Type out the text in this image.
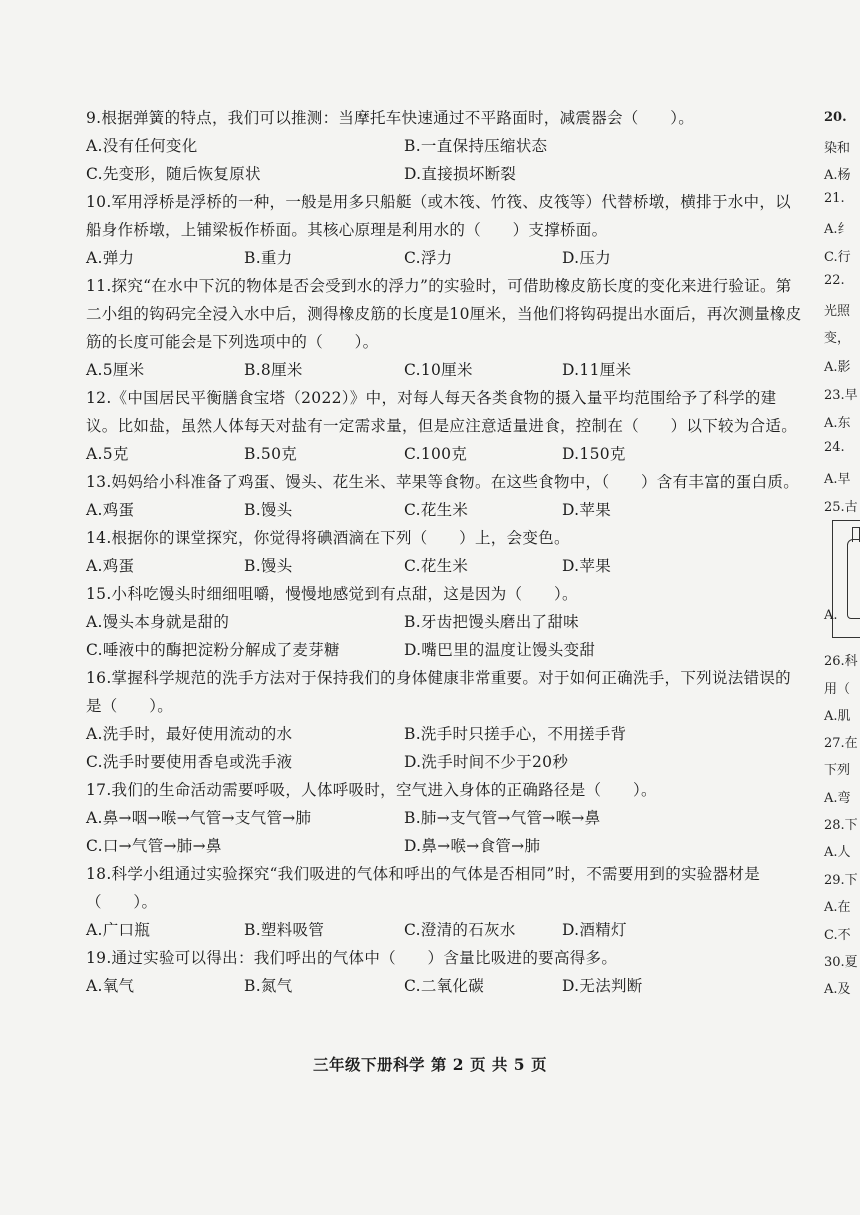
9.根据弹簧的特点，我们可以推测：当摩托车快速通过不平路面时，减震器会（　　）。

A.没有任何变化	B.一直保持压缩状态
C.先变形，随后恢复原状	D.直接损坏断裂

10.军用浮桥是浮桥的一种，一般是用多只船艇（或木筏、竹筏、皮筏等）代替桥墩，横排于水中，以船身作桥墩，上铺梁板作桥面。其核心原理是利用水的（　　）支撑桥面。

A.弹力	B.重力	C.浮力	D.压力

11.探究“在水中下沉的物体是否会受到水的浮力”的实验时，可借助橡皮筋长度的变化来进行验证。第二小组的钩码完全浸入水中后，测得橡皮筋的长度是10厘米，当他们将钩码提出水面后，再次测量橡皮筋的长度可能会是下列选项中的（　　）。

A.5厘米	B.8厘米	C.10厘米	D.11厘米

12.《中国居民平衡膳食宝塔（2022）》中，对每人每天各类食物的摄入量平均范围给予了科学的建议。比如盐，虽然人体每天对盐有一定需求量，但是应注意适量进食，控制在（　　）以下较为合适。

A.5克	B.50克	C.100克	D.150克

13.妈妈给小科准备了鸡蛋、馒头、花生米、苹果等食物。在这些食物中，（　　）含有丰富的蛋白质。

A.鸡蛋	B.馒头	C.花生米	D.苹果

14.根据你的课堂探究，你觉得将碘酒滴在下列（　　）上，会变色。

A.鸡蛋	B.馒头	C.花生米	D.苹果

15.小科吃馒头时细细咀嚼，慢慢地感觉到有点甜，这是因为（　　）。

A.馒头本身就是甜的	B.牙齿把馒头磨出了甜味
C.唾液中的酶把淀粉分解成了麦芽糖	D.嘴巴里的温度让馒头变甜

16.掌握科学规范的洗手方法对于保持我们的身体健康非常重要。对于如何正确洗手，下列说法错误的是（　　）。

A.洗手时，最好使用流动的水	B.洗手时只搓手心，不用搓手背
C.洗手时要使用香皂或洗手液	D.洗手时间不少于20秒

17.我们的生命活动需要呼吸，人体呼吸时，空气进入身体的正确路径是（　　）。

A.鼻→咽→喉→气管→支气管→肺	B.肺→支气管→气管→喉→鼻
C.口→气管→肺→鼻	D.鼻→喉→食管→肺

18.科学小组通过实验探究“我们吸进的气体和呼出的气体是否相同”时，不需要用到的实验器材是（　　）。

A.广口瓶	B.塑料吸管	C.澄清的石灰水	D.酒精灯

19.通过实验可以得出：我们呼出的气体中（　　）含量比吸进的要高得多。

A.氧气	B.氮气	C.二氧化碳	D.无法判断
三年级下册科学 第 2 页 共 5 页
20.
染和
A.杨
21.
A.纟
C.行
22.
光照
变，
A.影
23.早
A.东
24.
A.早
25.古
A.
26.科
用（
A.肌
27.在
下列
A.弯
28.下
A.人
29.下
A.在
C.不
30.夏
A.及
